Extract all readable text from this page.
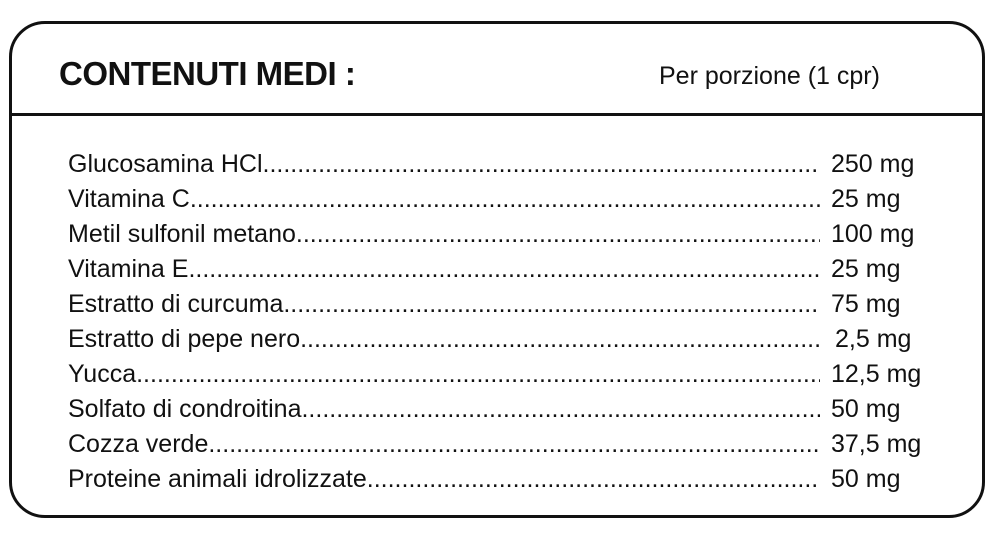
CONTENUTI MEDI :	Per porzione (1 cpr)
Glucosamina HCl .....	250 mg
Vitamina C .....	25 mg
Metil sulfonil metano .....	100 mg
Vitamina E .....	25 mg
Estratto di curcuma .....	75 mg
Estratto di pepe nero .....	2,5 mg
Yucca .....	12,5 mg
Solfato di condroitina .....	50 mg
Cozza verde .....	37,5 mg
Proteine animali idrolizzate .....	50 mg
